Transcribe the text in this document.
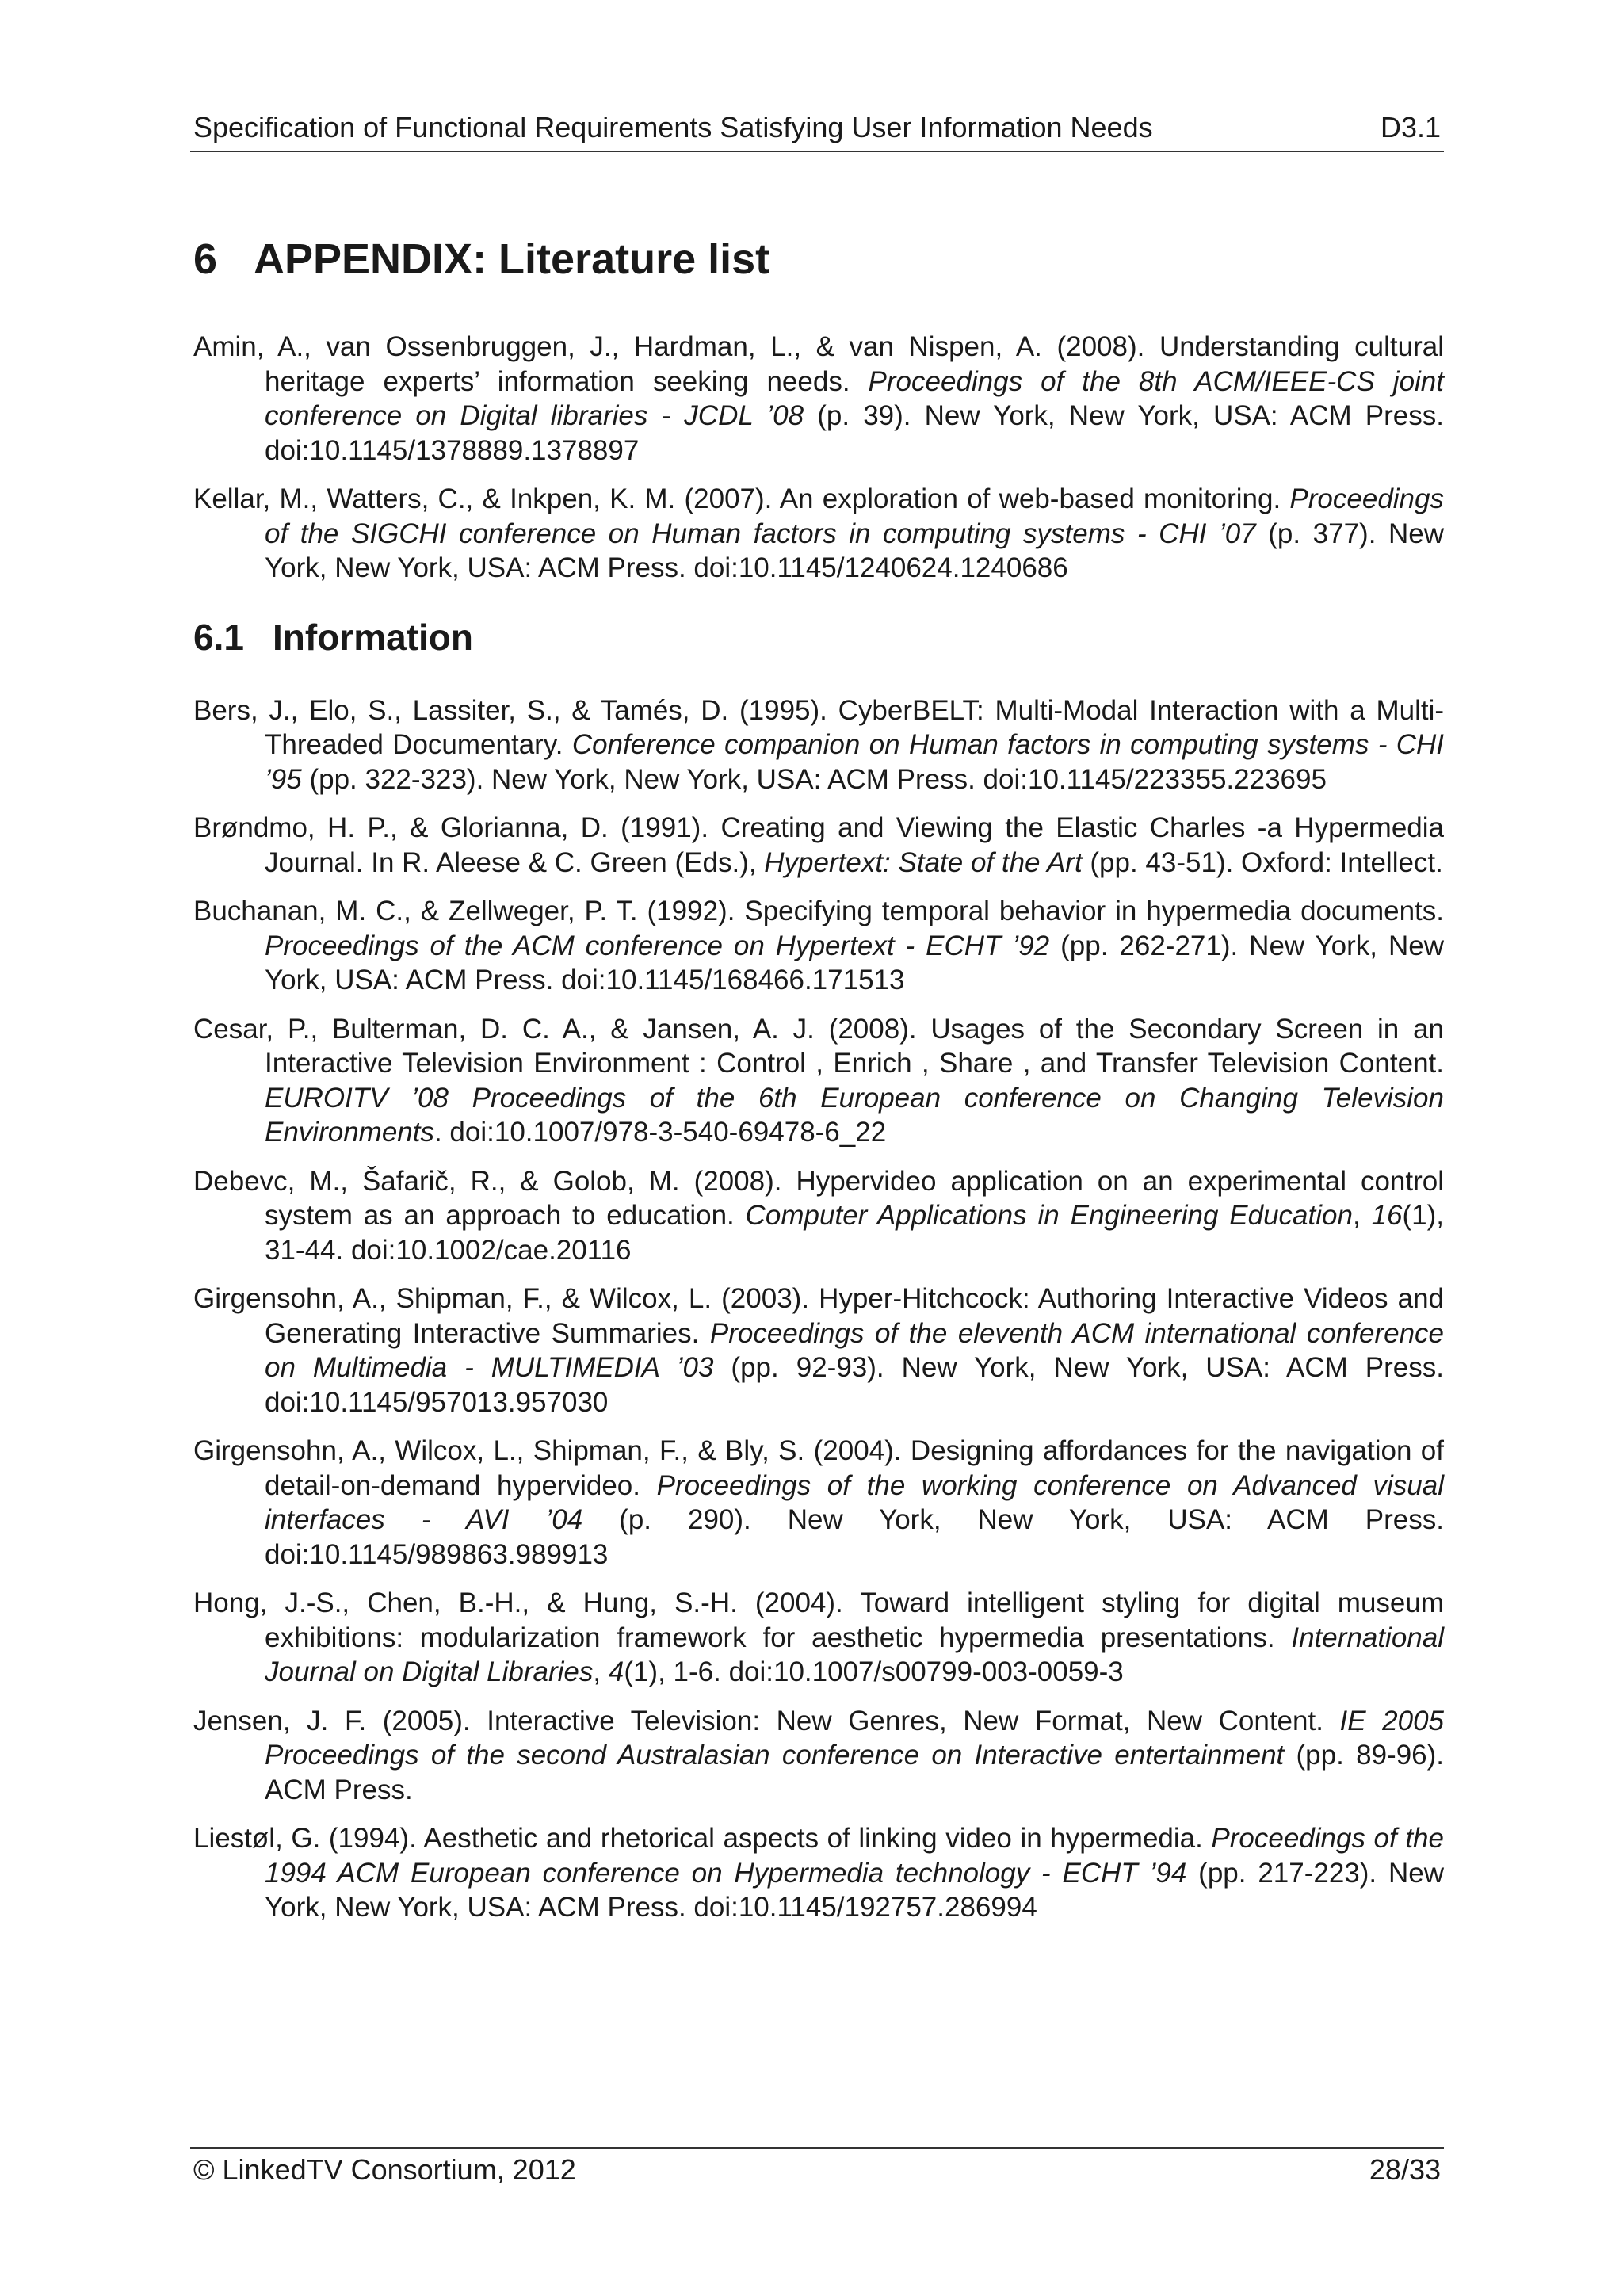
Specification of Functional Requirements Satisfying User Information Needs	D3.1
6 APPENDIX: Literature list

Amin, A., van Ossenbruggen, J., Hardman, L., & van Nispen, A. (2008). Understanding cultural heritage experts’ information seeking needs. Proceedings of the 8th ACM/IEEE-CS joint conference on Digital libraries - JCDL ’08 (p. 39). New York, New York, USA: ACM Press. doi:10.1145/1378889.1378897

Kellar, M., Watters, C., & Inkpen, K. M. (2007). An exploration of web-based monitoring. Proceedings of the SIGCHI conference on Human factors in computing systems - CHI ’07 (p. 377). New York, New York, USA: ACM Press. doi:10.1145/1240624.1240686

6.1 Information

Bers, J., Elo, S., Lassiter, S., & Tamés, D. (1995). CyberBELT: Multi-Modal Interaction with a Multi-Threaded Documentary. Conference companion on Human factors in computing systems - CHI ’95 (pp. 322-323). New York, New York, USA: ACM Press. doi:10.1145/223355.223695

Brøndmo, H. P., & Glorianna, D. (1991). Creating and Viewing the Elastic Charles -a Hypermedia Journal. In R. Aleese & C. Green (Eds.), Hypertext: State of the Art (pp. 43-51). Oxford: Intellect.

Buchanan, M. C., & Zellweger, P. T. (1992). Specifying temporal behavior in hypermedia documents. Proceedings of the ACM conference on Hypertext - ECHT ’92 (pp. 262-271). New York, New York, USA: ACM Press. doi:10.1145/168466.171513

Cesar, P., Bulterman, D. C. A., & Jansen, A. J. (2008). Usages of the Secondary Screen in an Interactive Television Environment : Control , Enrich , Share , and Transfer Television Content. EUROITV ’08 Proceedings of the 6th European conference on Changing Television Environments. doi:10.1007/978-3-540-69478-6_22

Debevc, M., Šafarič, R., & Golob, M. (2008). Hypervideo application on an experimental control system as an approach to education. Computer Applications in Engineering Education, 16(1), 31-44. doi:10.1002/cae.20116

Girgensohn, A., Shipman, F., & Wilcox, L. (2003). Hyper-Hitchcock: Authoring Interactive Videos and Generating Interactive Summaries. Proceedings of the eleventh ACM international conference on Multimedia - MULTIMEDIA ’03 (pp. 92-93). New York, New York, USA: ACM Press. doi:10.1145/957013.957030

Girgensohn, A., Wilcox, L., Shipman, F., & Bly, S. (2004). Designing affordances for the navigation of detail-on-demand hypervideo. Proceedings of the working conference on Advanced visual interfaces - AVI ’04 (p. 290). New York, New York, USA: ACM Press. doi:10.1145/989863.989913

Hong, J.-S., Chen, B.-H., & Hung, S.-H. (2004). Toward intelligent styling for digital museum exhibitions: modularization framework for aesthetic hypermedia presentations. International Journal on Digital Libraries, 4(1), 1-6. doi:10.1007/s00799-003-0059-3

Jensen, J. F. (2005). Interactive Television: New Genres, New Format, New Content. IE 2005 Proceedings of the second Australasian conference on Interactive entertainment (pp. 89-96). ACM Press.

Liestøl, G. (1994). Aesthetic and rhetorical aspects of linking video in hypermedia. Proceedings of the 1994 ACM European conference on Hypermedia technology - ECHT ’94 (pp. 217-223). New York, New York, USA: ACM Press. doi:10.1145/192757.286994

© LinkedTV Consortium, 2012	28/33
